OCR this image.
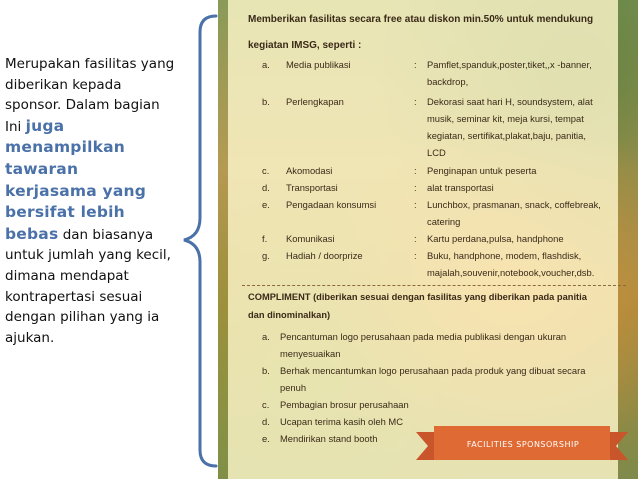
Merupakan fasilitas yang diberikan kepada sponsor. Dalam bagian Ini juga menampilkan tawaran kerjasama yang bersifat lebih bebas dan biasanya untuk jumlah yang kecil, dimana mendapat kontrapertasi sesuai dengan pilihan yang ia ajukan.
Memberikan fasilitas secara free atau diskon min.50% untuk mendukung
kegiatan IMSG, seperti :
a. Media publikasi	: Pamflet,spanduk,poster,tiket,,x -banner,
backdrop,
b. Perlengkapan	: Dekorasi saat hari H, soundsystem, alat
musik, seminar kit, meja kursi, tempat
kegiatan, sertifikat,plakat,baju, panitia,
LCD
c. Akomodasi	: Penginapan untuk peserta
d. Transportasi	: alat transportasi
e. Pengadaan konsumsi	: Lunchbox, prasmanan, snack, coffebreak,
catering
f. Komunikasi	: Kartu perdana,pulsa, handphone
g. Hadiah / doorprize	: Buku, handphone, modem, flashdisk,
majalah,souvenir,notebook,voucher,dsb.
COMPLIMENT (diberikan sesuai dengan fasilitas yang diberikan pada panitia
dan dinominalkan)
a. Pencantuman logo perusahaan pada media publikasi dengan ukuran
menyesuaikan
b. Berhak mencantumkan logo perusahaan pada produk yang dibuat secara
penuh
c. Pembagian brosur perusahaan
d. Ucapan terima kasih oleh MC
e. Mendirikan stand booth
FACILITIES SPONSORSHIP
